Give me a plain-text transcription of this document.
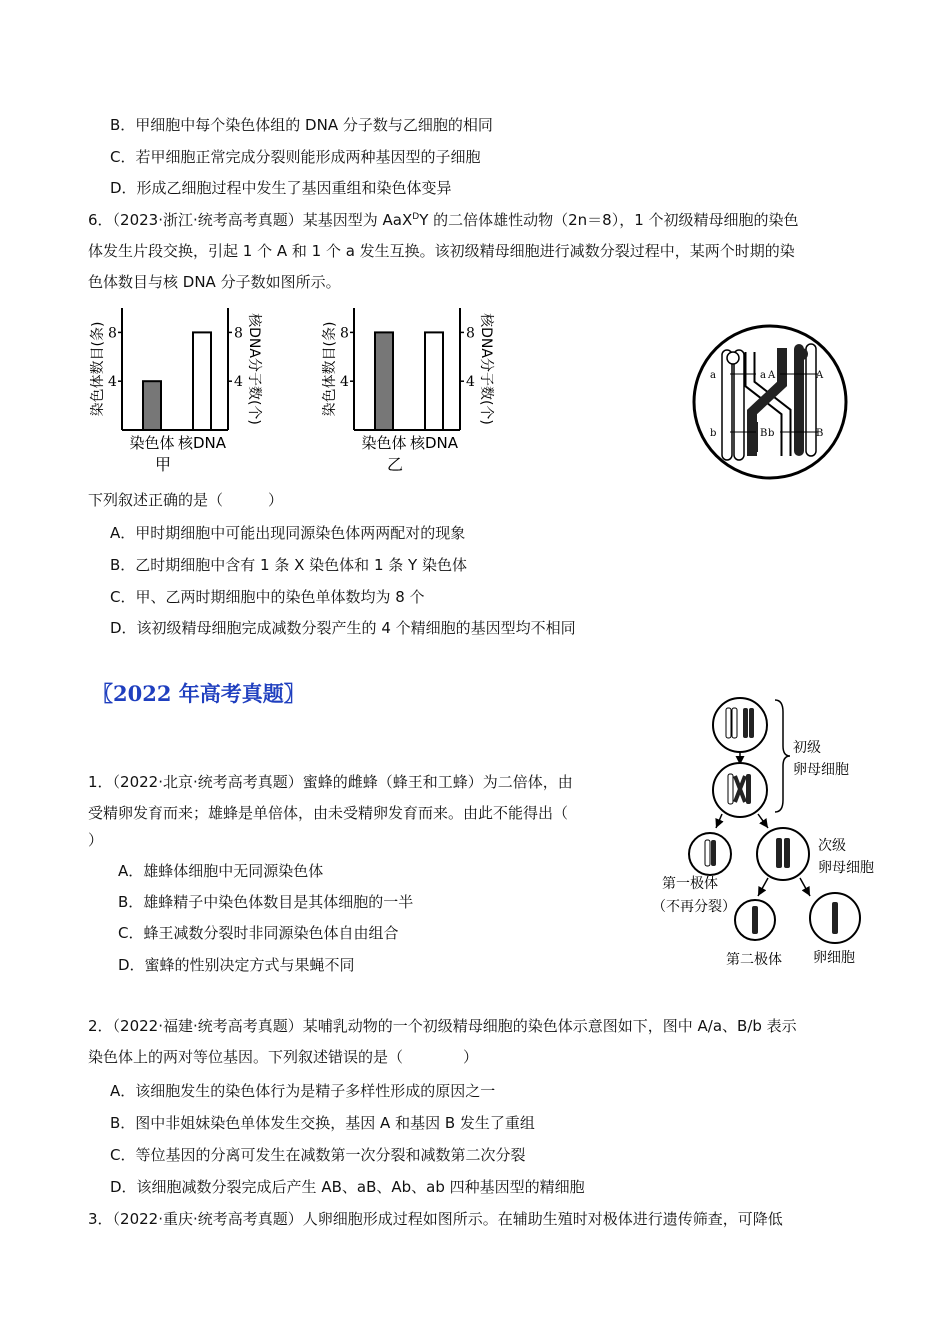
B．甲细胞中每个染色体组的 DNA 分子数与乙细胞的相同
C．若甲细胞正常完成分裂则能形成两种基因型的子细胞
D．形成乙细胞过程中发生了基因重组和染色体变异
6．（2023·浙江·统考高考真题）某基因型为 AaX$^D$Y 的二倍体雄性动物（2n＝8），1 个初级精母细胞的染色
体发生片段交换，引起 1 个 A 和 1 个 a 发生互换。该初级精母细胞进行减数分裂过程中，某两个时期的染
色体数目与核 DNA 分子数如图所示。
4	4
8	8
染色体 核DNA
甲
染色体数目(条)	核DNA分子数(个)	4	4
8	8
染色体 核DNA
乙
染色体数目(条)	核DNA分子数(个)	a	a A	A
b	B b	B
下列叙述正确的是（　　　）
A．甲时期细胞中可能出现同源染色体两两配对的现象
B．乙时期细胞中含有 1 条 X 染色体和 1 条 Y 染色体
C．甲、乙两时期细胞中的染色单体数均为 8 个
D．该初级精母细胞完成减数分裂产生的 4 个精细胞的基因型均不相同
〖2022 年高考真题〗
1．（2022·北京·统考高考真题）蜜蜂的雌蜂（蜂王和工蜂）为二倍体，由
受精卵发育而来；雄蜂是单倍体，由未受精卵发育而来。由此不能得出（
）
A．雄蜂体细胞中无同源染色体
B．雄蜂精子中染色体数目是其体细胞的一半
C．蜂王减数分裂时非同源染色体自由组合
D．蜜蜂的性别决定方式与果蝇不同
初级
卵母细胞
次级
卵母细胞
第一极体
（不再分裂）
第二极体 卵细胞
2．（2022·福建·统考高考真题）某哺乳动物的一个初级精母细胞的染色体示意图如下，图中 A/a、B/b 表示
染色体上的两对等位基因。下列叙述错误的是（　　　　）
A．该细胞发生的染色体行为是精子多样性形成的原因之一
B．图中非姐妹染色单体发生交换，基因 A 和基因 B 发生了重组
C．等位基因的分离可发生在减数第一次分裂和减数第二次分裂
D．该细胞减数分裂完成后产生 AB、aB、Ab、ab 四种基因型的精细胞
3．（2022·重庆·统考高考真题）人卵细胞形成过程如图所示。在辅助生殖时对极体进行遗传筛查，可降低
